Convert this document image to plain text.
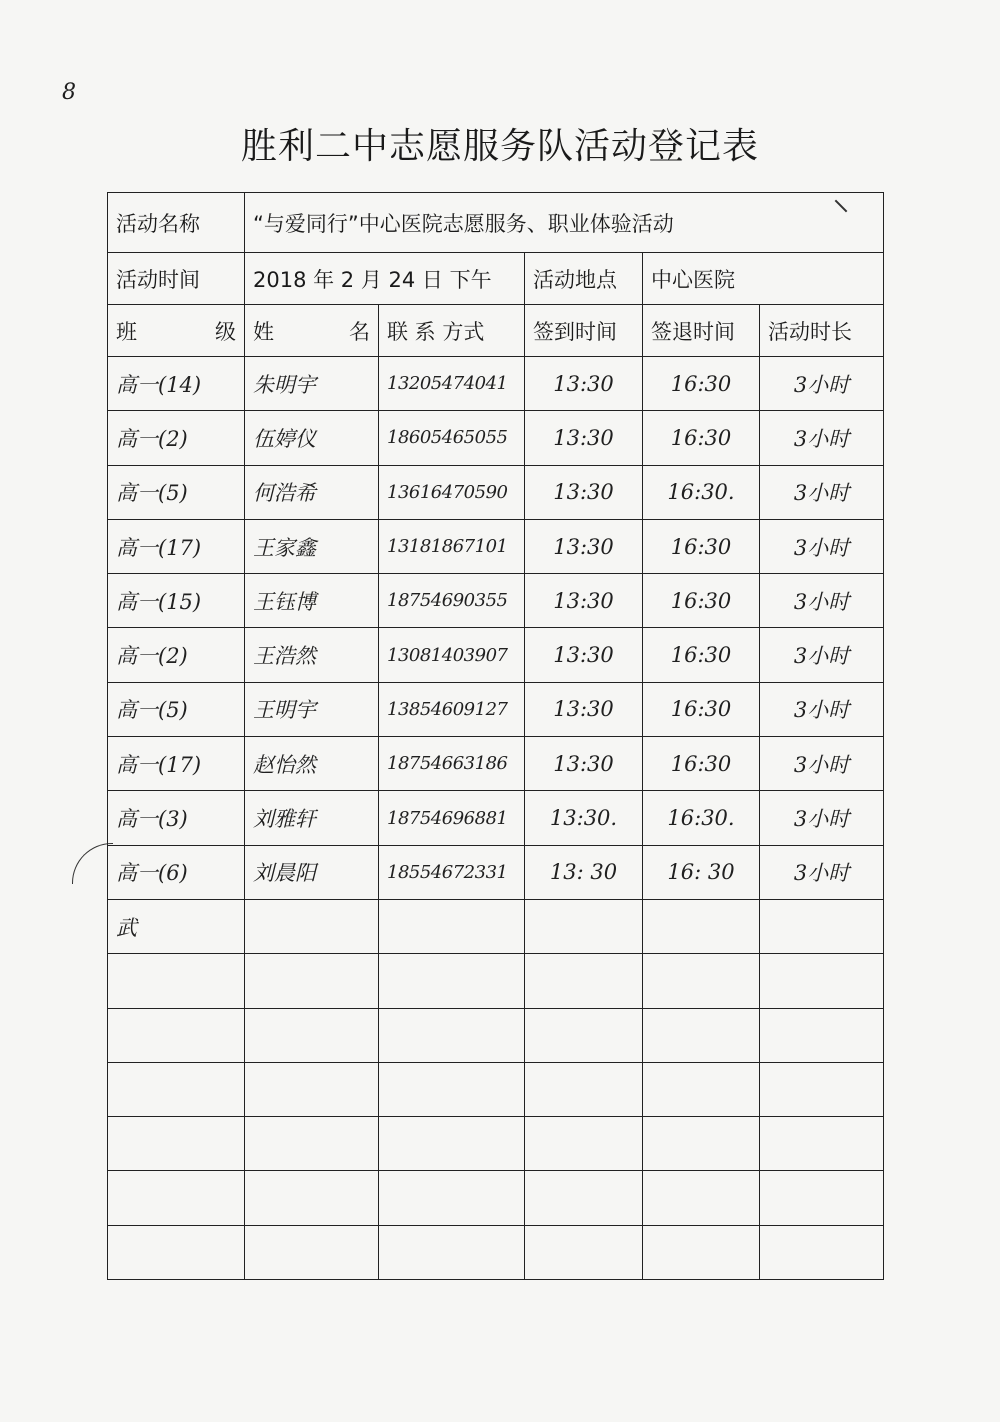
8
胜利二中志愿服务队活动登记表
活动名称	“与爱同行”中心医院志愿服务、职业体验活动				
活动时间	2018 年 2 月 24 日 下午		活动地点	中心医院	

班 级	姓 名	联 系 方式	签到时间	签退时间	活动时长
高一(14)	朱明宇	13205474041	13:30	16:30	3小时
高一(2)	伍婷仪	18605465055	13:30	16:30	3小时
高一(5)	何浩希	13616470590	13:30	16:30.	3小时
高一(17)	王家鑫	13181867101	13:30	16:30	3小时
高一(15)	王钰博	18754690355	13:30	16:30	3小时
高一(2)	王浩然	13081403907	13:30	16:30	3小时
高一(5)	王明宇	13854609127	13:30	16:30	3小时
高一(17)	赵怡然	18754663186	13:30	16:30	3小时
高一(3)	刘雅轩	18754696881	13:30.	16:30.	3小时
高一(6)	刘晨阳	18554672331	13: 30	16: 30	3小时
武					
